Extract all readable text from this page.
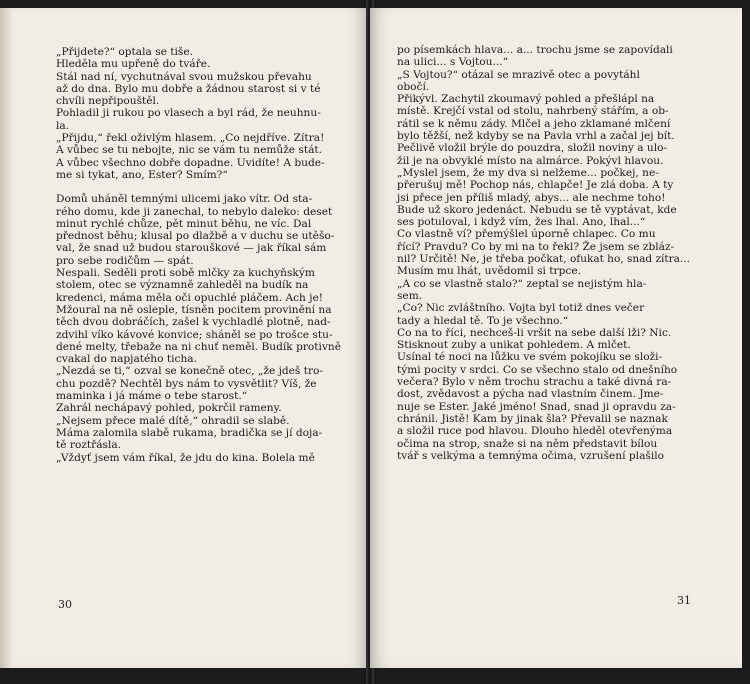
„Přijdete?“ optala se tiše.
Hleděla mu upřeně do tváře.
Stál nad ní, vychutnával svou mužskou převahu
až do dna. Bylo mu dobře a žádnou starost si v té
chvíli nepřipouštěl.
Pohladil ji rukou po vlasech a byl rád, že neuhnu-
la.
„Přijdu,“ řekl oživlým hlasem. „Co nejdříve. Zítra!
A vůbec se tu nebojte, nic se vám tu nemůže stát.
A vůbec všechno dobře dopadne. Uvidíte! A bude-
me si tykat, ano, Ester? Smím?“
Domů uháněl temnými ulicemi jako vítr. Od sta-
rého domu, kde ji zanechal, to nebylo daleko: deset
minut rychlé chůze, pět minut běhu, ne víc. Dal
přednost běhu; klusal po dlažbě a v duchu se utěšo-
val, že snad už budou starouškové — jak říkal sám
pro sebe rodičům — spát.
Nespali. Seděli proti sobě mlčky za kuchyňským
stolem, otec se významně zahleděl na budík na
kredenci, máma měla oči opuchlé pláčem. Ach je!
Mžoural na ně osleple, tísněn pocitem provinění na
těch dvou dobráčích, zašel k vychladlé plotně, nad-
zdvihl víko kávové konvice; sháněl se po trošce stu-
dené melty, třebaže na ni chuť neměl. Budík protivně
cvakal do napjatého ticha.
„Nezdá se ti,“ ozval se konečně otec, „že jdeš tro-
chu pozdě? Nechtěl bys nám to vysvětlit? Víš, že
maminka i já máme o tebe starost.“
Zahrál nechápavý pohled, pokrčil rameny.
„Nejsem přece malé dítě,“ ohradil se slabě.
Máma zalomila slabě rukama, bradička se jí doja-
tě roztřásla.
„Vždyť jsem vám říkal, že jdu do kina. Bolela mě
30
po písemkách hlava... a... trochu jsme se zapovídali
na ulici... s Vojtou...“
„S Vojtou?“ otázal se mrazivě otec a povytáhl
obočí.
Přikývl. Zachytil zkoumavý pohled a přešlápl na
místě. Krejčí vstal od stolu, nahrbený stářím, a ob-
rátil se k němu zády. Mlčel a jeho zklamané mlčení
bylo těžší, než kdyby se na Pavla vrhl a začal jej bít.
Pečlivě vložil brýle do pouzdra, složil noviny a ulo-
žil je na obvyklé místo na almárce. Pokývl hlavou.
„Myslel jsem, že my dva si nelžeme... počkej, ne-
přerušuj mě! Pochop nás, chlapče! Je zlá doba. A ty
jsi přece jen příliš mladý, abys... ale nechme toho!
Bude už skoro jedenáct. Nebudu se tě vyptávat, kde
ses potuloval, i když vím, žes lhal. Ano, lhal...“
Co vlastně ví? přemýšlel úporně chlapec. Co mu
řící? Pravdu? Co by mi na to řekl? Že jsem se zbláz-
nil? Určitě! Ne, je třeba počkat, ofukat ho, snad zítra...
Musím mu lhát, uvědomil si trpce.
„A co se vlastně stalo?“ zeptal se nejistým hla-
sem.
„Co? Nic zvláštního. Vojta byl totiž dnes večer
tady a hledal tě. To je všechno.“
Co na to říci, nechceš-li vršit na sebe další lži? Nic.
Stisknout zuby a unikat pohledem. A mlčet.
Usínal té noci na lůžku ve svém pokojíku se složi-
tými pocity v srdci. Co se všechno stalo od dnešního
večera? Bylo v něm trochu strachu a také divná ra-
dost, zvědavost a pýcha nad vlastním činem. Jme-
nuje se Ester. Jaké jméno! Snad, snad ji opravdu za-
chránil. Jistě! Kam by jinak šla? Převalil se naznak
a složil ruce pod hlavou. Dlouho hleděl otevřenýma
očima na strop, snaže si na něm představit bílou
tvář s velkýma a temnýma očima, vzrušení plašilo
31
